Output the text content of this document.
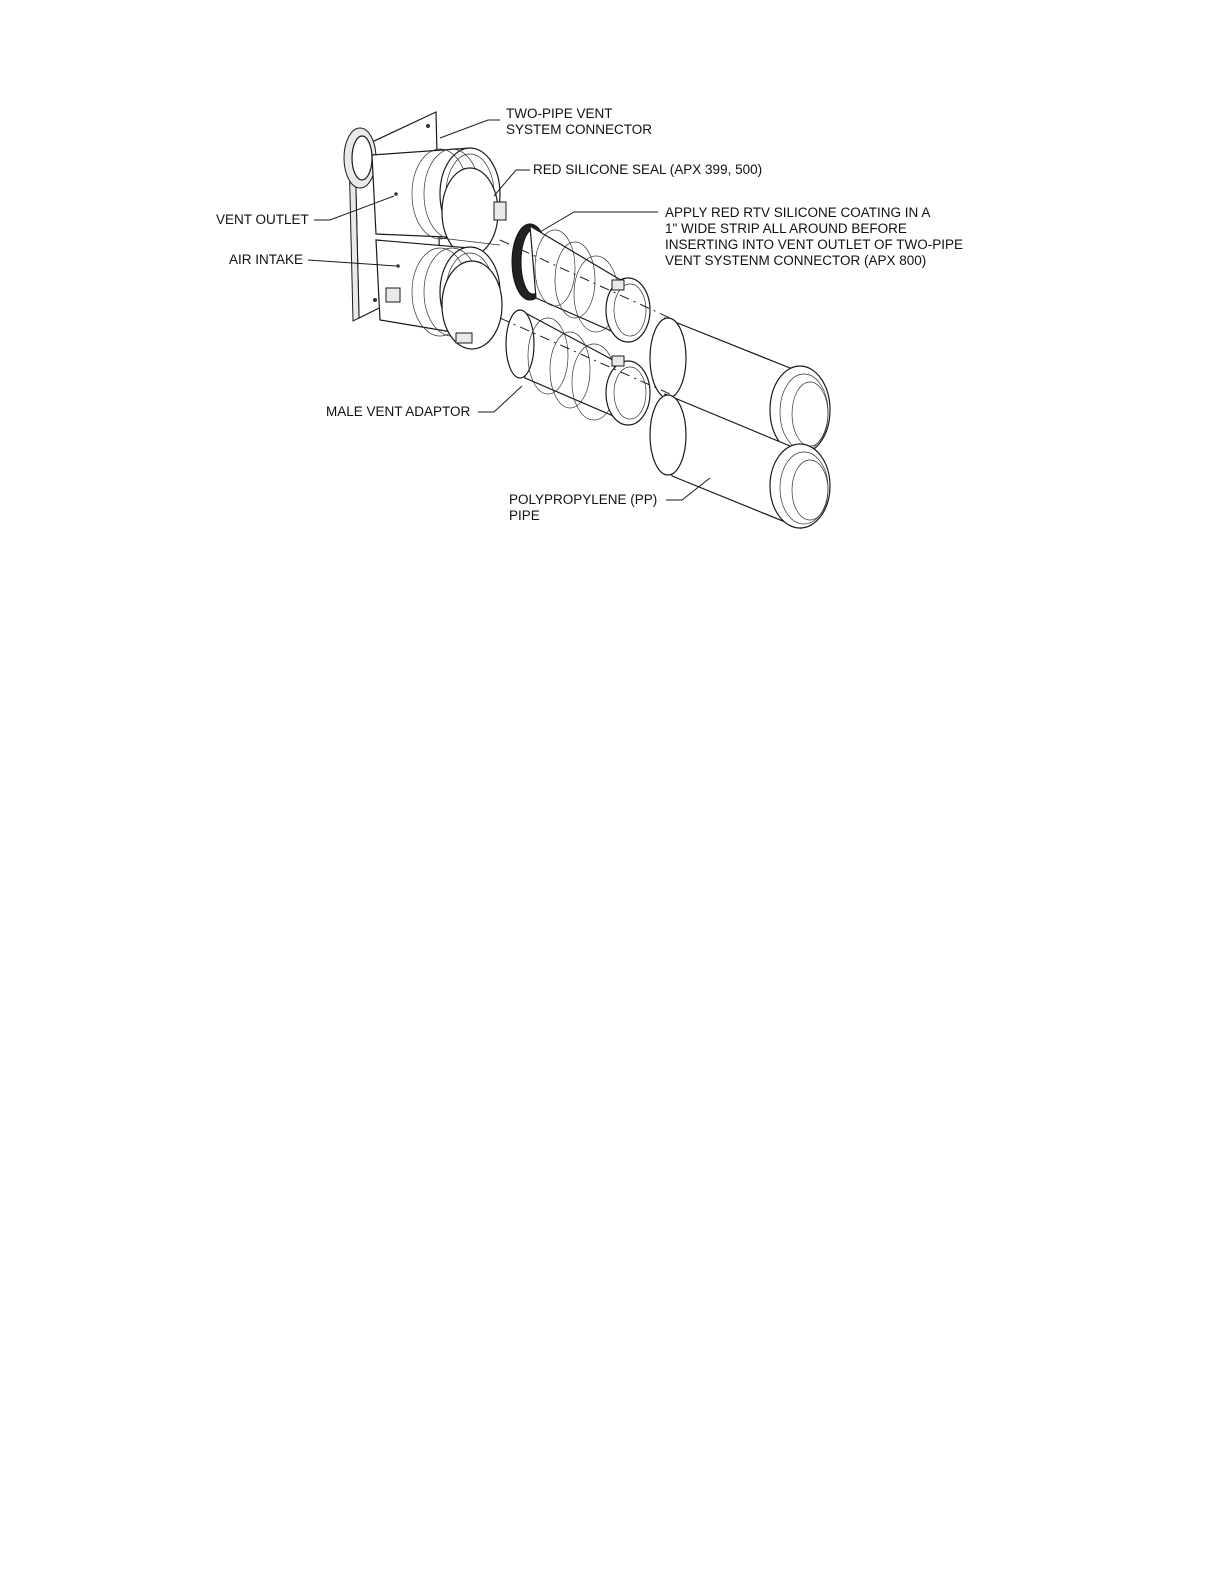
TWO-PIPE VENT
SYSTEM CONNECTOR
RED SILICONE SEAL (APX 399, 500)
APPLY RED RTV SILICONE COATING IN A
1" WIDE STRIP ALL AROUND BEFORE
INSERTING INTO VENT OUTLET OF TWO-PIPE
VENT SYSTENM CONNECTOR (APX 800)
VENT OUTLET
AIR INTAKE
MALE VENT ADAPTOR
POLYPROPYLENE (PP)
PIPE
